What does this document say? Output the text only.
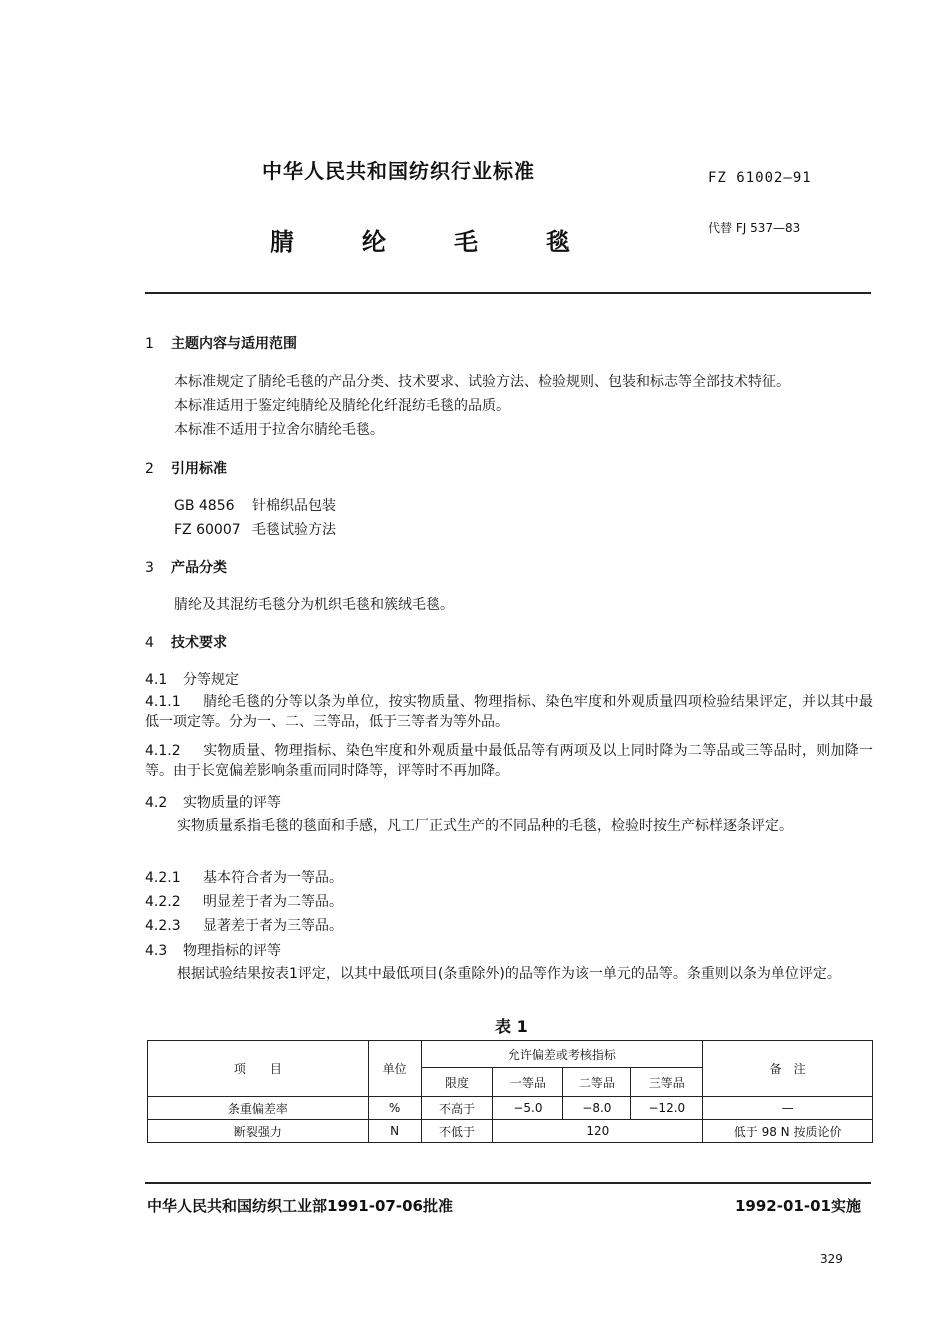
中华人民共和国纺织行业标准	FZ 61002—91
腈	纶	毛	毯	代替 FJ 537—83
1 主题内容与适用范围
本标准规定了腈纶毛毯的产品分类、技术要求、试验方法、检验规则、包装和标志等全部技术特征。
本标准适用于鉴定纯腈纶及腈纶化纤混纺毛毯的品质。
本标准不适用于拉舍尔腈纶毛毯。
2 引用标准
GB 4856 针棉织品包装
FZ 60007 毛毯试验方法
3 产品分类
腈纶及其混纺毛毯分为机织毛毯和簇绒毛毯。
4 技术要求
4.1 分等规定
4.1.1 腈纶毛毯的分等以条为单位，按实物质量、物理指标、染色牢度和外观质量四项检验结果评定，并以其中最低一项定等。分为一、二、三等品，低于三等者为等外品。
4.1.2 实物质量、物理指标、染色牢度和外观质量中最低品等有两项及以上同时降为二等品或三等品时，则加降一等。由于长宽偏差影响条重而同时降等，评等时不再加降。
4.2 实物质量的评等
实物质量系指毛毯的毯面和手感，凡工厂正式生产的不同品种的毛毯，检验时按生产标样逐条评定。
4.2.1 基本符合者为一等品。
4.2.2 明显差于者为二等品。
4.2.3 显著差于者为三等品。
4.3 物理指标的评等
根据试验结果按表1评定，以其中最低项目(条重除外)的品等作为该一单元的品等。条重则以条为单位评定。
表 1
项　　目	单位	允许偏差或考核指标				备　注
		限度	一等品	二等品	三等品	
条重偏差率	%	不高于	−5.0	−8.0	−12.0	—
断裂强力	N	不低于	120			低于 98 N 按质论价
中华人民共和国纺织工业部1991-07-06批准	1992-01-01实施
329
